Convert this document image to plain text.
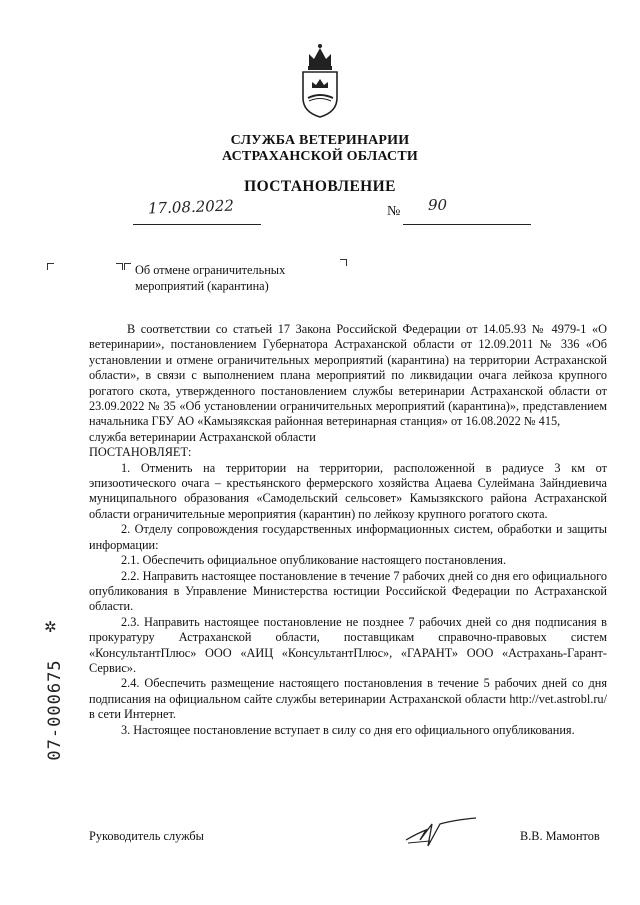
СЛУЖБА ВЕТЕРИНАРИИ
АСТРАХАНСКОЙ ОБЛАСТИ
ПОСТАНОВЛЕНИЕ
17.08.2022	№ 90
Об отмене ограничительных
мероприятий (карантина)

В соответствии со статьей 17 Закона Российской Федерации от 14.05.93 № 4979-1 «О ветеринарии», постановлением Губернатора Астраханской области от 12.09.2011 № 336 «Об установлении и отмене ограничительных мероприятий (карантина) на территории Астраханской области», в связи с выполнением плана мероприятий по ликвидации очага лейкоза крупного рогатого скота, утвержденного постановлением службы ветеринарии Астраханской области от 23.09.2022 № 35 «Об установлении ограничительных мероприятий (карантина)», представлением начальника ГБУ АО «Камызякская районная ветеринарная станция» от 16.08.2022 № 415,

служба ветеринарии Астраханской области

ПОСТАНОВЛЯЕТ:

1. Отменить на территории на территории, расположенной в радиусе 3 км от эпизоотического очага – крестьянского фермерского хозяйства Ацаева Сулеймана Зайндиевича муниципального образования «Самодельский сельсовет» Камызякского района Астраханской области ограничительные мероприятия (карантин) по лейкозу крупного рогатого скота.

2. Отделу сопровождения государственных информационных систем, обработки и защиты информации:

2.1. Обеспечить официальное опубликование настоящего постановления.

2.2. Направить настоящее постановление в течение 7 рабочих дней со дня его официального опубликования в Управление Министерства юстиции Российской Федерации по Астраханской области.

2.3. Направить настоящее постановление не позднее 7 рабочих дней со дня подписания в прокуратуру Астраханской области, поставщикам справочно-правовых систем «КонсультантПлюс» ООО «АИЦ «КонсультантПлюс», «ГАРАНТ» ООО «Астрахань-Гарант-Сервис».

2.4. Обеспечить размещение настоящего постановления в течение 5 рабочих дней со дня подписания на официальном сайте службы ветеринарии Астраханской области http://vet.astrobl.ru/ в сети Интернет.

3. Настоящее постановление вступает в силу со дня его официального опубликования.

✲
07-000675
Руководитель службы	В.В. Мамонтов
